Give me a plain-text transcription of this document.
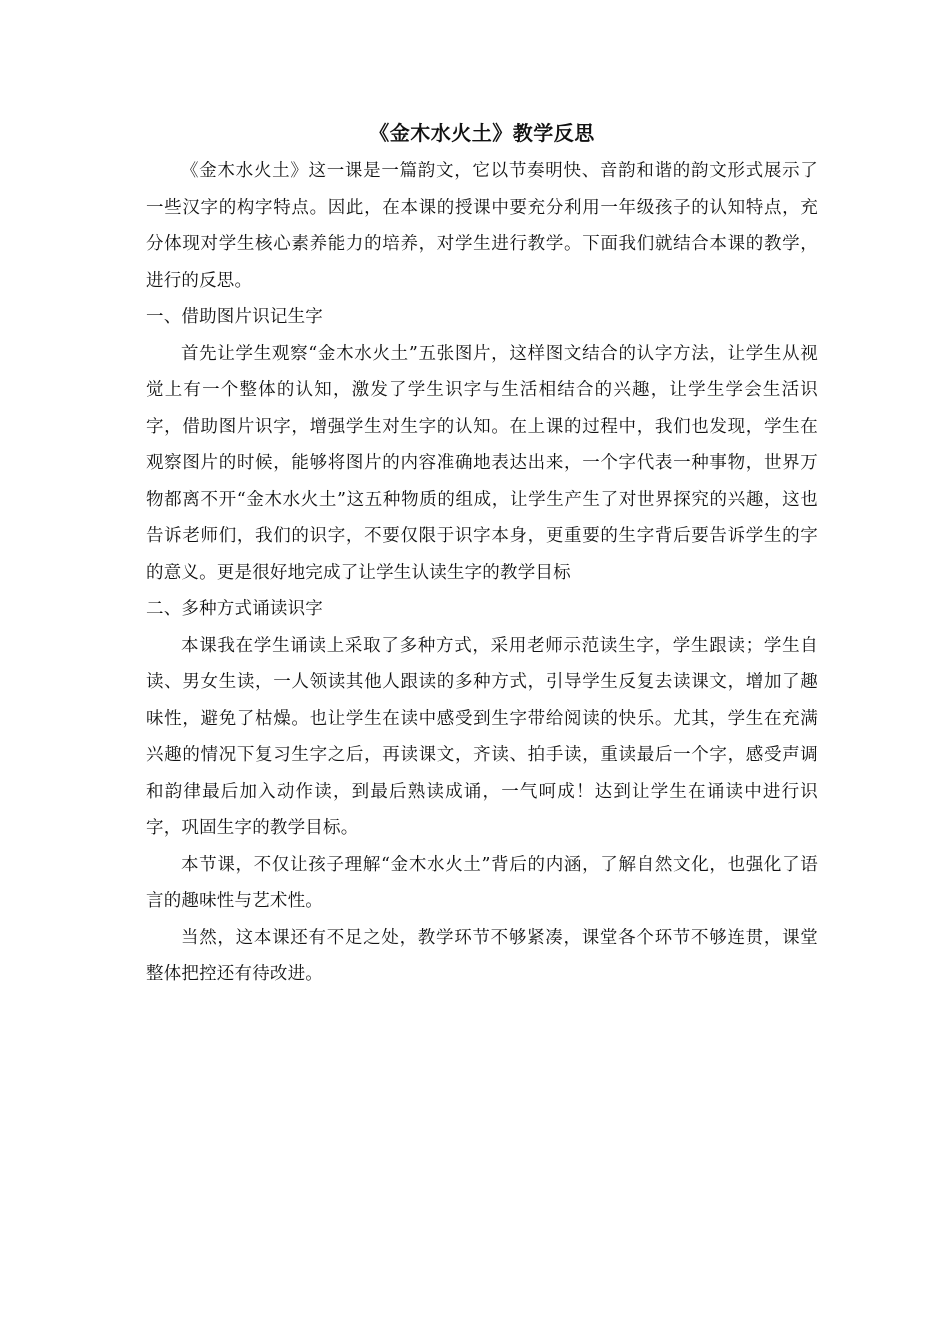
《金木水火土》教学反思

《金木水火土》这一课是一篇韵文，它以节奏明快、音韵和谐的韵文形式展示了一些汉字的构字特点。因此，在本课的授课中要充分利用一年级孩子的认知特点，充分体现对学生核心素养能力的培养，对学生进行教学。下面我们就结合本课的教学，进行的反思。

一、借助图片识记生字

首先让学生观察“金木水火土”五张图片，这样图文结合的认字方法，让学生从视觉上有一个整体的认知，激发了学生识字与生活相结合的兴趣，让学生学会生活识字，借助图片识字，增强学生对生字的认知。在上课的过程中，我们也发现，学生在观察图片的时候，能够将图片的内容准确地表达出来，一个字代表一种事物，世界万物都离不开“金木水火土”这五种物质的组成，让学生产生了对世界探究的兴趣，这也告诉老师们，我们的识字，不要仅限于识字本身，更重要的生字背后要告诉学生的字的意义。更是很好地完成了让学生认读生字的教学目标

二、多种方式诵读识字

本课我在学生诵读上采取了多种方式，采用老师示范读生字，学生跟读；学生自读、男女生读，一人领读其他人跟读的多种方式，引导学生反复去读课文，增加了趣味性，避免了枯燥。也让学生在读中感受到生字带给阅读的快乐。尤其，学生在充满兴趣的情况下复习生字之后，再读课文，齐读、拍手读，重读最后一个字，感受声调和韵律最后加入动作读，到最后熟读成诵，一气呵成！达到让学生在诵读中进行识字，巩固生字的教学目标。

本节课，不仅让孩子理解“金木水火土”背后的内涵，了解自然文化，也强化了语言的趣味性与艺术性。

当然，这本课还有不足之处，教学环节不够紧凑，课堂各个环节不够连贯，课堂整体把控还有待改进。
